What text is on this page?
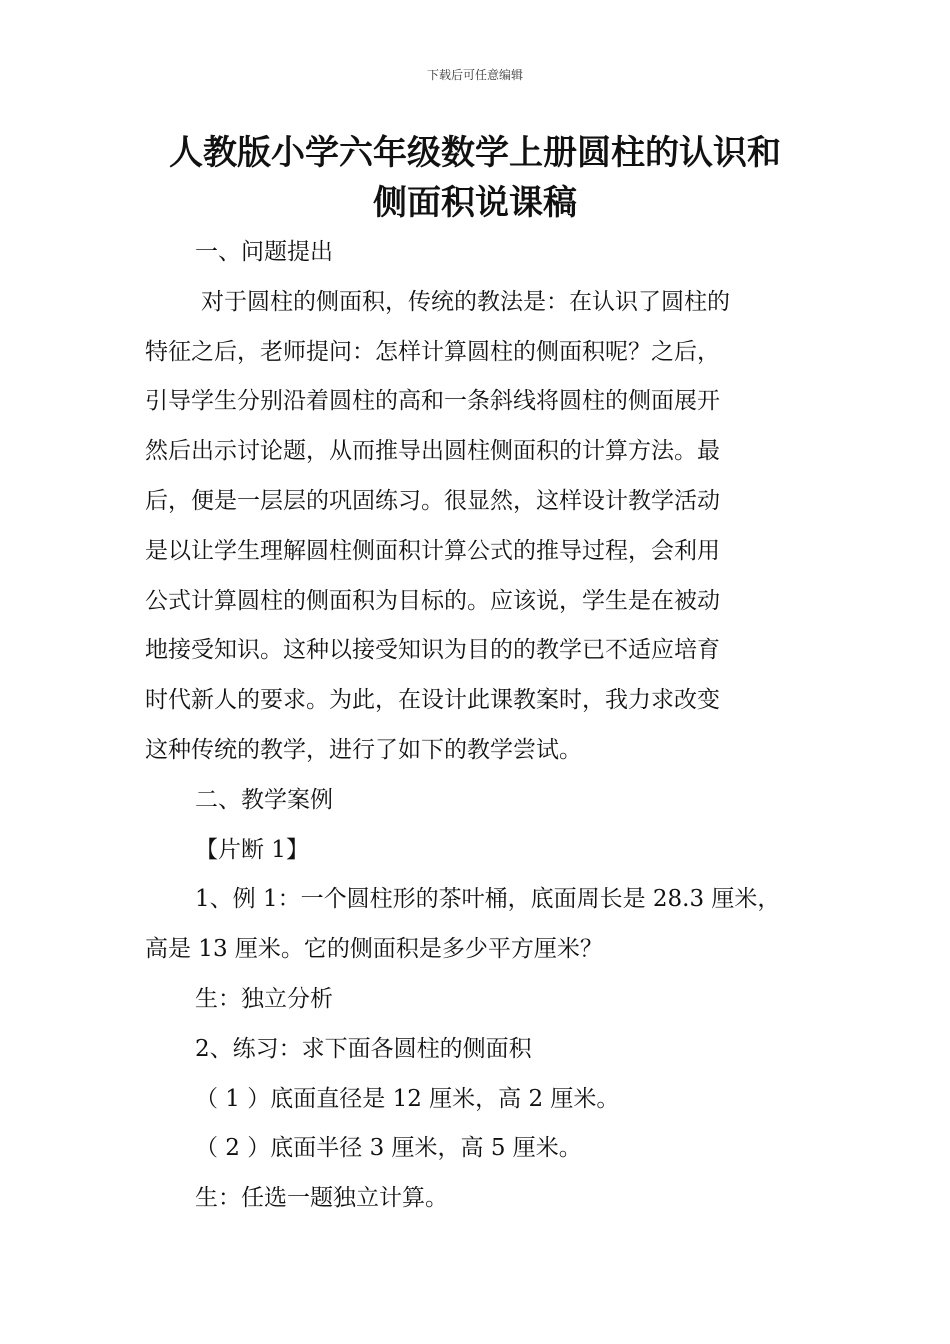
下载后可任意编辑
人教版小学六年级数学上册圆柱的认识和
侧面积说课稿
一、问题提出
对于圆柱的侧面积，传统的教法是：在认识了圆柱的
特征之后，老师提问：怎样计算圆柱的侧面积呢？之后，
引导学生分别沿着圆柱的高和一条斜线将圆柱的侧面展开
然后出示讨论题，从而推导出圆柱侧面积的计算方法。最
后，便是一层层的巩固练习。很显然，这样设计教学活动
是以让学生理解圆柱侧面积计算公式的推导过程，会利用
公式计算圆柱的侧面积为目标的。应该说，学生是在被动
地接受知识。这种以接受知识为目的的教学已不适应培育
时代新人的要求。为此，在设计此课教案时，我力求改变
这种传统的教学，进行了如下的教学尝试。
二、教学案例
【片断 1】
1、例 1：一个圆柱形的茶叶桶，底面周长是 28.3 厘米，
高是 13 厘米。它的侧面积是多少平方厘米？
生：独立分析
2、练习：求下面各圆柱的侧面积
（ 1 ）底面直径是 12 厘米，高 2 厘米。
（ 2 ）底面半径 3 厘米，高 5 厘米。
生：任选一题独立计算。
